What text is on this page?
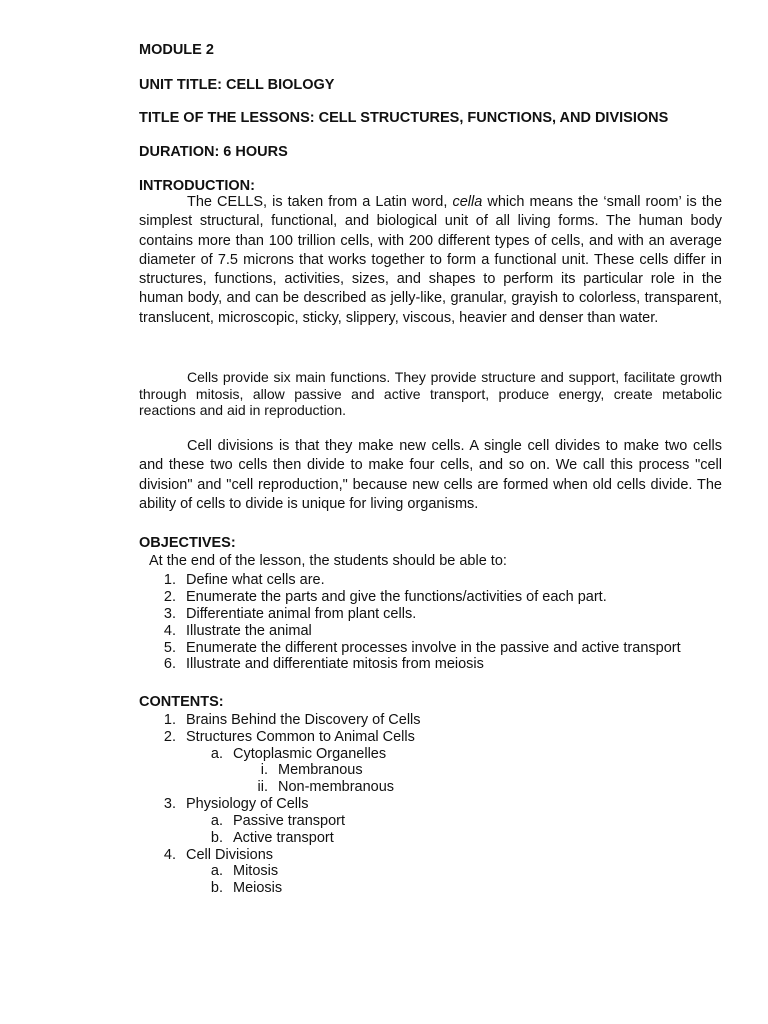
MODULE 2
UNIT TITLE: CELL BIOLOGY
TITLE OF THE LESSONS: CELL STRUCTURES, FUNCTIONS, AND DIVISIONS
DURATION: 6 HOURS
INTRODUCTION:
The CELLS, is taken from a Latin word, cella which means the ‘small room’ is the simplest structural, functional, and biological unit of all living forms. The human body contains more than 100 trillion cells, with 200 different types of cells, and with an average diameter of 7.5 microns that works together to form a functional unit. These cells differ in structures, functions, activities, sizes, and shapes to perform its particular role in the human body, and can be described as jelly-like, granular, grayish to colorless, transparent, translucent, microscopic, sticky, slippery, viscous, heavier and denser than water.
Cells provide six main functions. They provide structure and support, facilitate growth through mitosis, allow passive and active transport, produce energy, create metabolic reactions and aid in reproduction.
Cell divisions is that they make new cells. A single cell divides to make two cells and these two cells then divide to make four cells, and so on. We call this process "cell division" and "cell reproduction," because new cells are formed when old cells divide. The ability of cells to divide is unique for living organisms.
OBJECTIVES:
At the end of the lesson, the students should be able to:
1. Define what cells are.
2. Enumerate the parts and give the functions/activities of each part.
3. Differentiate animal from plant cells.
4. Illustrate the animal
5. Enumerate the different processes involve in the passive and active transport
6. Illustrate and differentiate mitosis from meiosis
CONTENTS:
1. Brains Behind the Discovery of Cells
2. Structures Common to Animal Cells
a. Cytoplasmic Organelles
i. Membranous
ii. Non-membranous
3. Physiology of Cells
a. Passive transport
b. Active transport
4. Cell Divisions
a. Mitosis
b. Meiosis
